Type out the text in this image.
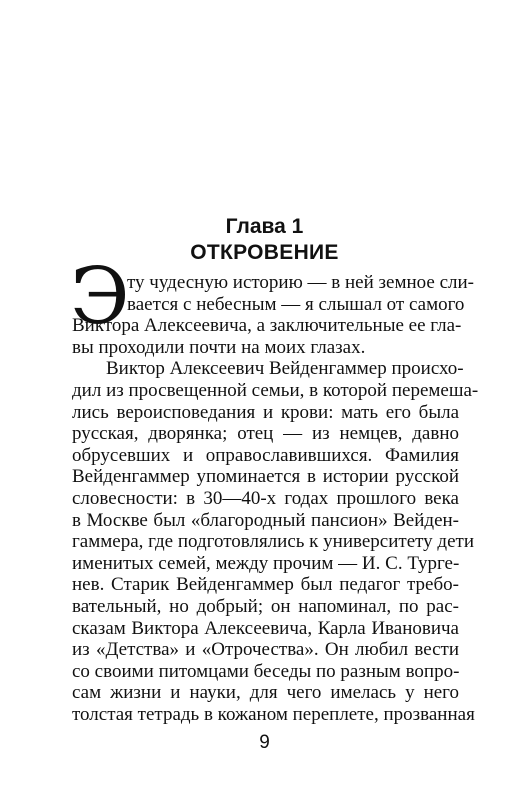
Глава 1
ОТКРОВЕНИЕ
Э
ту чудесную историю — в ней земное сли-
вается с небесным — я слышал от самого
Виктора Алексеевича, а заключительные ее гла-
вы проходили почти на моих глазах.
Виктор Алексеевич Вейденгаммер происхо-
дил из просвещенной семьи, в которой перемеша-
лись вероисповедания и крови: мать его была
русская, дворянка; отец — из немцев, давно
обрусевших и оправославившихся. Фамилия
Вейденгаммер упоминается в истории русской
словесности: в 30—40-х годах прошлого века
в Москве был «благородный пансион» Вейден-
гаммера, где подготовлялись к университету дети
именитых семей, между прочим — И. С. Турге-
нев. Старик Вейденгаммер был педагог требо-
вательный, но добрый; он напоминал, по рас-
сказам Виктора Алексеевича, Карла Ивановича
из «Детства» и «Отрочества». Он любил вести
со своими питомцами беседы по разным вопро-
сам жизни и науки, для чего имелась у него
толстая тетрадь в кожаном переплете, прозванная
9
